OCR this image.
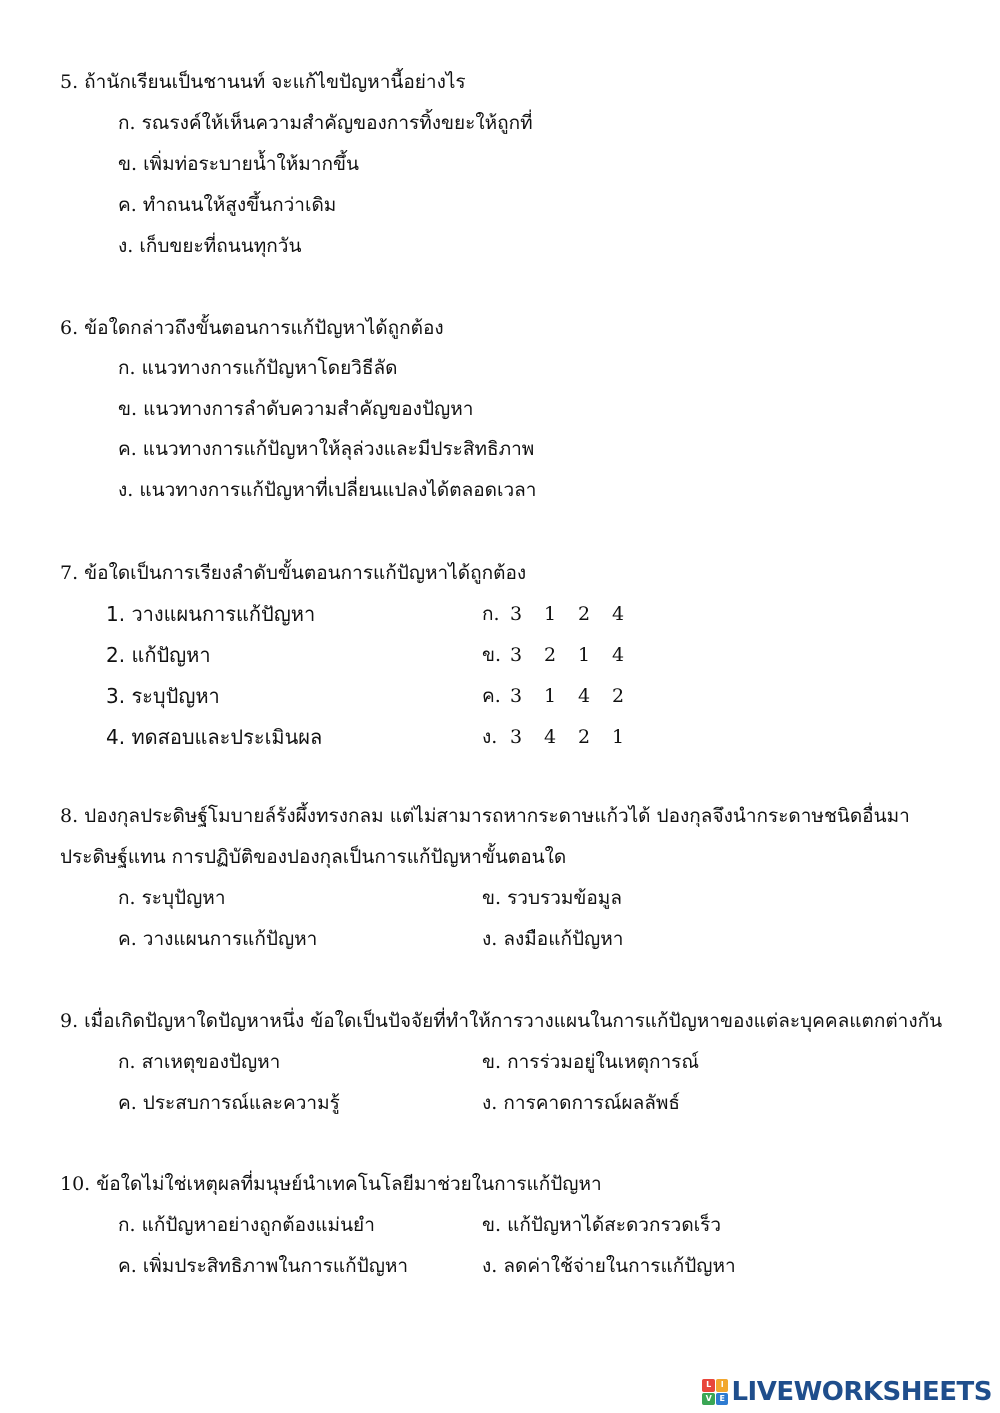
5. ถ้านักเรียนเป็นชานนท์ จะแก้ไขปัญหานี้อย่างไร
ก. รณรงค์ให้เห็นความสำคัญของการทิ้งขยะให้ถูกที่
ข. เพิ่มท่อระบายน้ำให้มากขึ้น
ค. ทำถนนให้สูงขึ้นกว่าเดิม
ง. เก็บขยะที่ถนนทุกวัน
6. ข้อใดกล่าวถึงขั้นตอนการแก้ปัญหาได้ถูกต้อง
ก. แนวทางการแก้ปัญหาโดยวิธีลัด
ข. แนวทางการลำดับความสำคัญของปัญหา
ค. แนวทางการแก้ปัญหาให้ลุล่วงและมีประสิทธิภาพ
ง. แนวทางการแก้ปัญหาที่เปลี่ยนแปลงได้ตลอดเวลา
7. ข้อใดเป็นการเรียงลำดับขั้นตอนการแก้ปัญหาได้ถูกต้อง
1. วางแผนการแก้ปัญหา
2. แก้ปัญหา
3. ระบุปัญหา
4. ทดสอบและประเมินผล
ก. 3 1 2 4
ข. 3 2 1 4
ค. 3 1 4 2
ง. 3 4 2 1
8. ปองกุลประดิษฐ์โมบายล์รังผึ้งทรงกลม แต่ไม่สามารถหากระดาษแก้วได้ ปองกุลจึงนำกระดาษชนิดอื่นมา
ประดิษฐ์แทน การปฏิบัติของปองกุลเป็นการแก้ปัญหาขั้นตอนใด
ก. ระบุปัญหา	ข. รวบรวมข้อมูล
ค. วางแผนการแก้ปัญหา	ง. ลงมือแก้ปัญหา
9. เมื่อเกิดปัญหาใดปัญหาหนึ่ง ข้อใดเป็นปัจจัยที่ทำให้การวางแผนในการแก้ปัญหาของแต่ละบุคคลแตกต่างกัน
ก. สาเหตุของปัญหา	ข. การร่วมอยู่ในเหตุการณ์
ค. ประสบการณ์และความรู้	ง. การคาดการณ์ผลลัพธ์
10. ข้อใดไม่ใช่เหตุผลที่มนุษย์นำเทคโนโลยีมาช่วยในการแก้ปัญหา
ก. แก้ปัญหาอย่างถูกต้องแม่นยำ	ข. แก้ปัญหาได้สะดวกรวดเร็ว
ค. เพิ่มประสิทธิภาพในการแก้ปัญหา	ง. ลดค่าใช้จ่ายในการแก้ปัญหา
L	I
V E LIVEWORKSHEETS
